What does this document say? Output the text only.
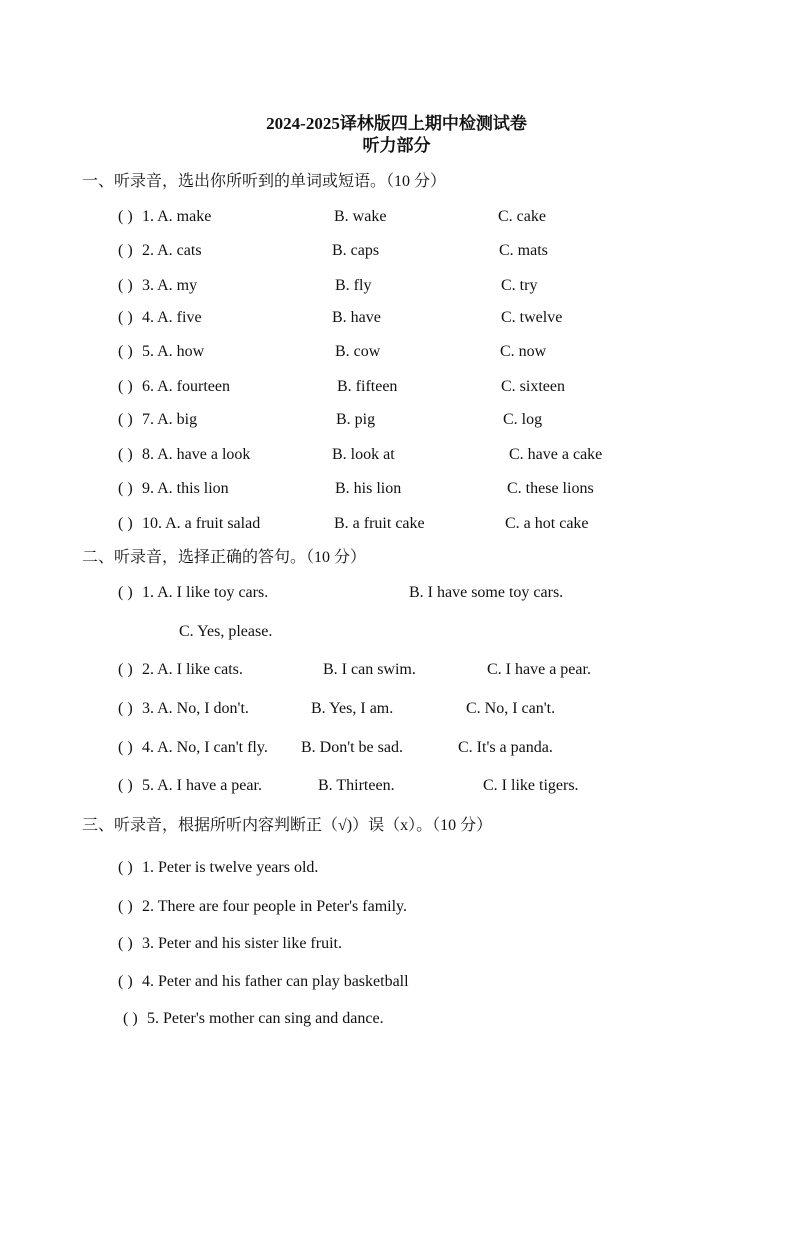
2024-2025译林版四上期中检测试卷
听力部分
一、听录音，选出你所听到的单词或短语。（10 分）
( ) 1. A. make	B. wake	C. cake
( ) 2. A. cats	B. caps	C. mats
( ) 3. A. my	B. fly	C. try
( ) 4. A. five	B. have	C. twelve
( ) 5. A. how	B. cow	C. now
( ) 6. A. fourteen	B. fifteen	C. sixteen
( ) 7. A. big	B. pig	C. log
( ) 8. A. have a look	B. look at	C. have a cake
( ) 9. A. this lion	B. his lion	C. these lions
( ) 10. A. a fruit salad	B. a fruit cake	C. a hot cake
二、听录音，选择正确的答句。（10 分）
( ) 1. A. I like toy cars.	B. I have some toy cars.
C. Yes, please.
( ) 2. A. I like cats.	B. I can swim.	C. I have a pear.
( ) 3. A. No, I don't.	B. Yes, I am.	C. No, I can't.
( ) 4. A. No, I can't fly. B. Don't be sad.	C. It's a panda.
( ) 5. A. I have a pear.	B. Thirteen.	C. I like tigers.
三、听录音，根据所听内容判断正（√)）误（x）。（10 分）
( ) 1. Peter is twelve years old.
( ) 2. There are four people in Peter's family.
( ) 3. Peter and his sister like fruit.
( ) 4. Peter and his father can play basketball
( ) 5. Peter's mother can sing and dance.
